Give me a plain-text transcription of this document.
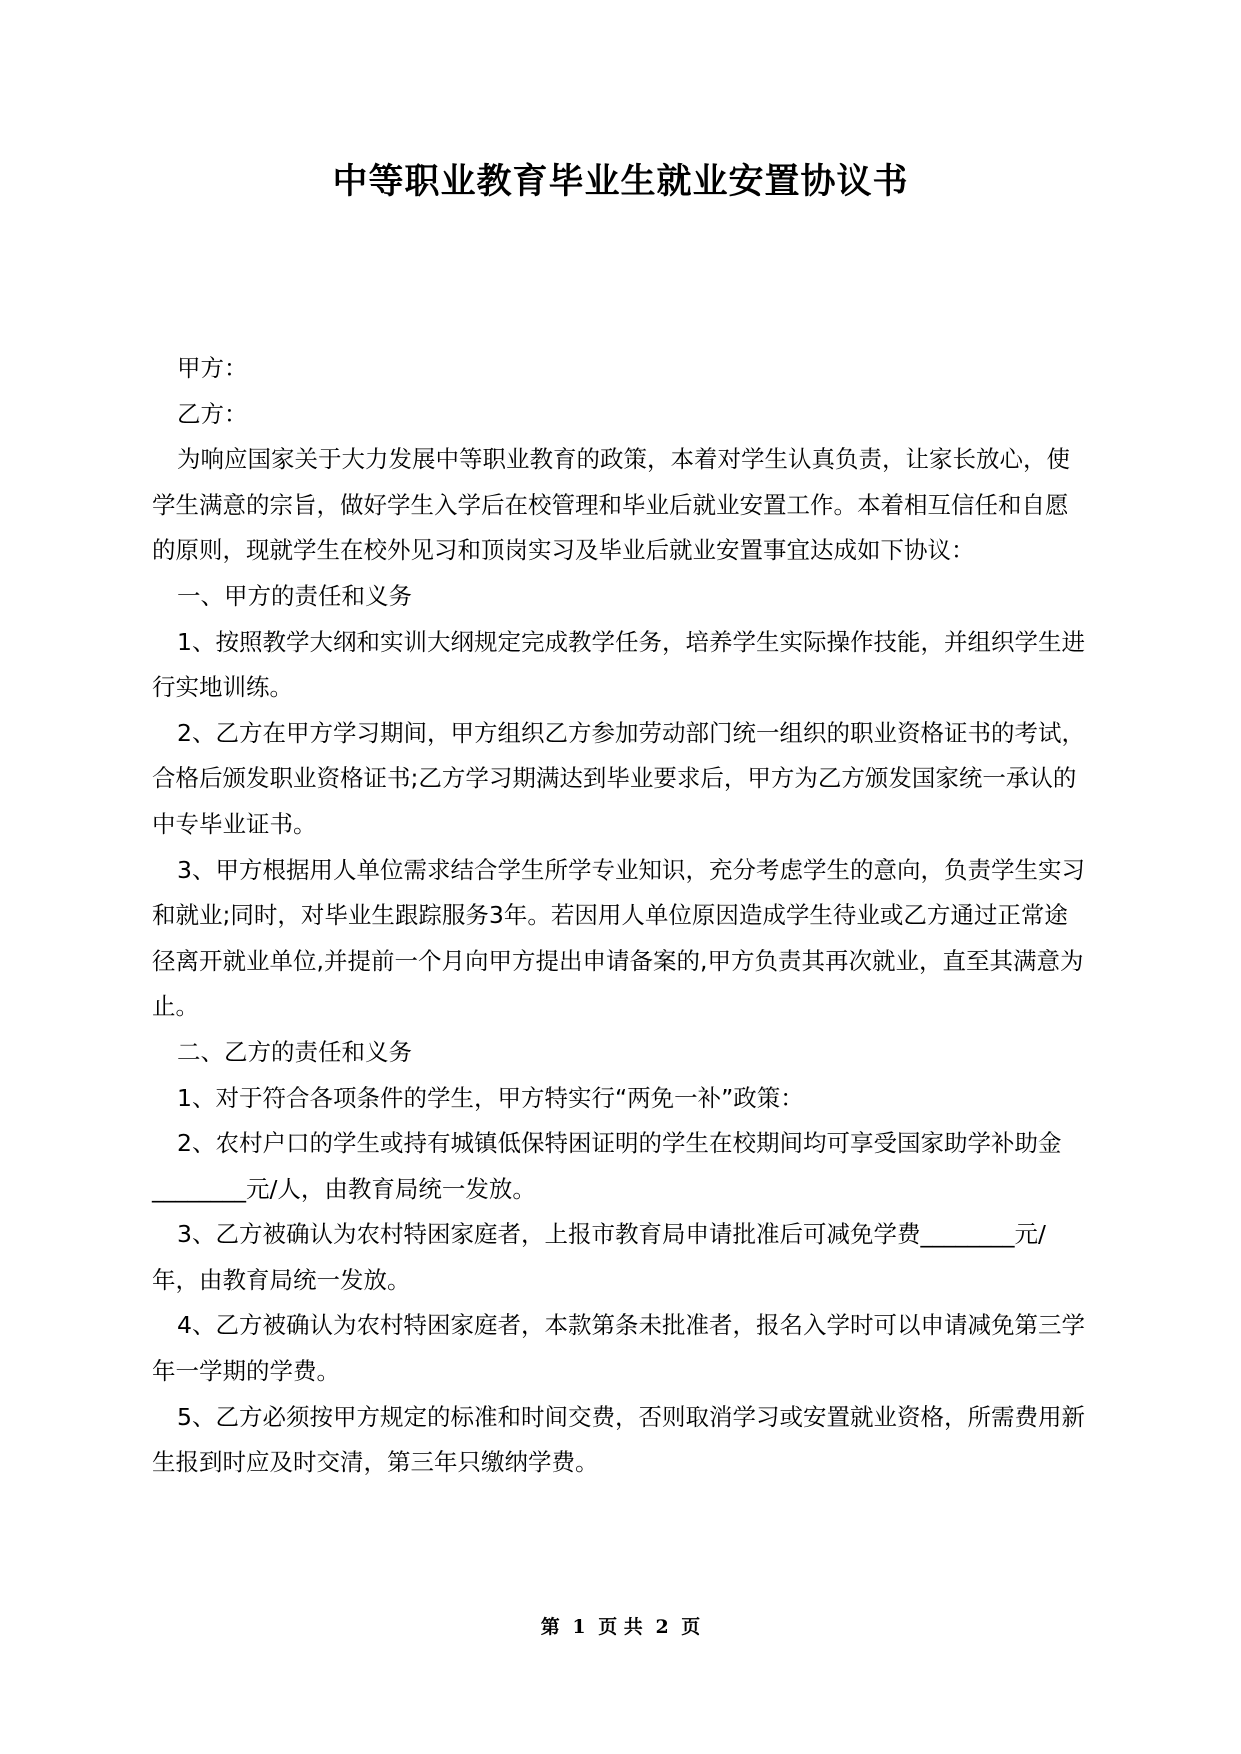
中等职业教育毕业生就业安置协议书

甲方：

乙方：

为响应国家关于大力发展中等职业教育的政策，本着对学生认真负责，让家长放心，使学生满意的宗旨，做好学生入学后在校管理和毕业后就业安置工作。本着相互信任和自愿的原则，现就学生在校外见习和顶岗实习及毕业后就业安置事宜达成如下协议：

一、甲方的责任和义务

1、按照教学大纲和实训大纲规定完成教学任务，培养学生实际操作技能，并组织学生进行实地训练。

2、乙方在甲方学习期间，甲方组织乙方参加劳动部门统一组织的职业资格证书的考试，合格后颁发职业资格证书;乙方学习期满达到毕业要求后，甲方为乙方颁发国家统一承认的中专毕业证书。

3、甲方根据用人单位需求结合学生所学专业知识，充分考虑学生的意向，负责学生实习和就业;同时，对毕业生跟踪服务3年。若因用人单位原因造成学生待业或乙方通过正常途径离开就业单位,并提前一个月向甲方提出申请备案的,甲方负责其再次就业，直至其满意为止。

二、乙方的责任和义务

1、对于符合各项条件的学生，甲方特实行“两免一补”政策：

2、农村户口的学生或持有城镇低保特困证明的学生在校期间均可享受国家助学补助金________元/人，由教育局统一发放。

3、乙方被确认为农村特困家庭者，上报市教育局申请批准后可减免学费________元/年，由教育局统一发放。

4、乙方被确认为农村特困家庭者，本款第条未批准者，报名入学时可以申请减免第三学年一学期的学费。

5、乙方必须按甲方规定的标准和时间交费，否则取消学习或安置就业资格，所需费用新生报到时应及时交清，第三年只缴纳学费。

第 1 页 共 2 页
